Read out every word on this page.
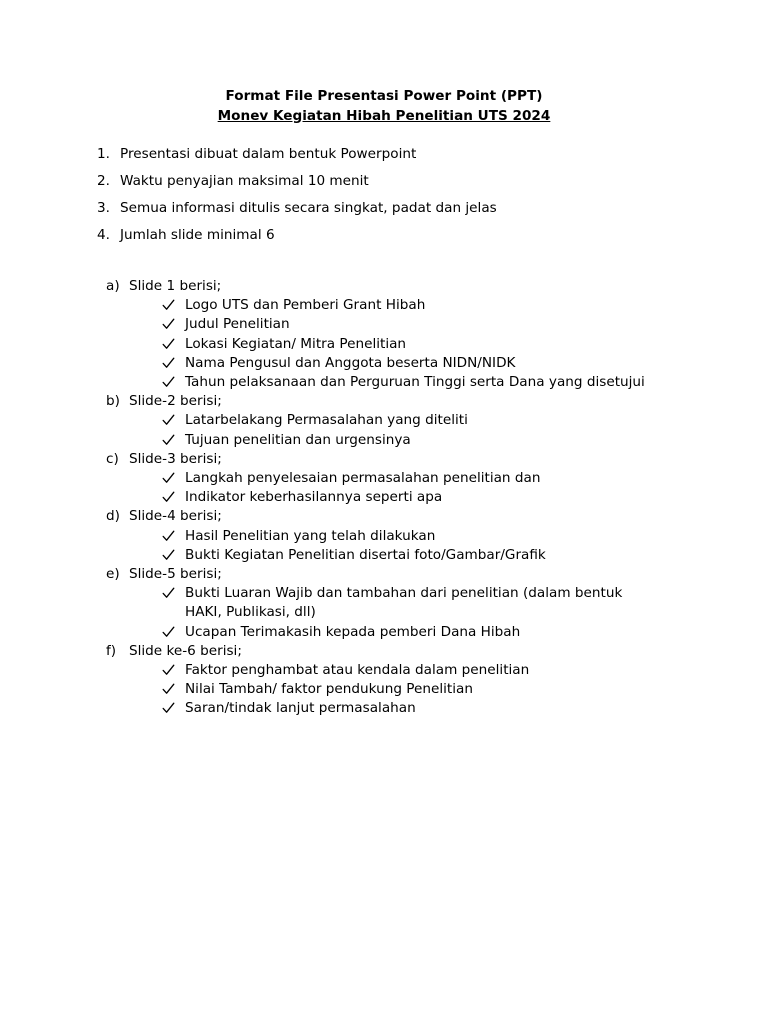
Format File Presentasi Power Point (PPT)
Monev Kegiatan Hibah Penelitian UTS 2024
1. Presentasi dibuat dalam bentuk Powerpoint
2. Waktu penyajian maksimal 10 menit
3. Semua informasi ditulis secara singkat, padat dan jelas
4. Jumlah slide minimal 6
a) Slide 1 berisi;
Logo UTS dan Pemberi Grant Hibah
Judul Penelitian
Lokasi Kegiatan/ Mitra Penelitian
Nama Pengusul dan Anggota beserta NIDN/NIDK
Tahun pelaksanaan dan Perguruan Tinggi serta Dana yang disetujui
b) Slide-2 berisi;
Latarbelakang Permasalahan yang diteliti
Tujuan penelitian dan urgensinya
c) Slide-3 berisi;
Langkah penyelesaian permasalahan penelitian dan
Indikator keberhasilannya seperti apa
d) Slide-4 berisi;
Hasil Penelitian yang telah dilakukan
Bukti Kegiatan Penelitian disertai foto/Gambar/Grafik
e) Slide-5 berisi;
Bukti Luaran Wajib dan tambahan dari penelitian (dalam bentuk HAKI, Publikasi, dll)
Ucapan Terimakasih kepada pemberi Dana Hibah
f) Slide ke-6 berisi;
Faktor penghambat atau kendala dalam penelitian
Nilai Tambah/ faktor pendukung Penelitian
Saran/tindak lanjut permasalahan
